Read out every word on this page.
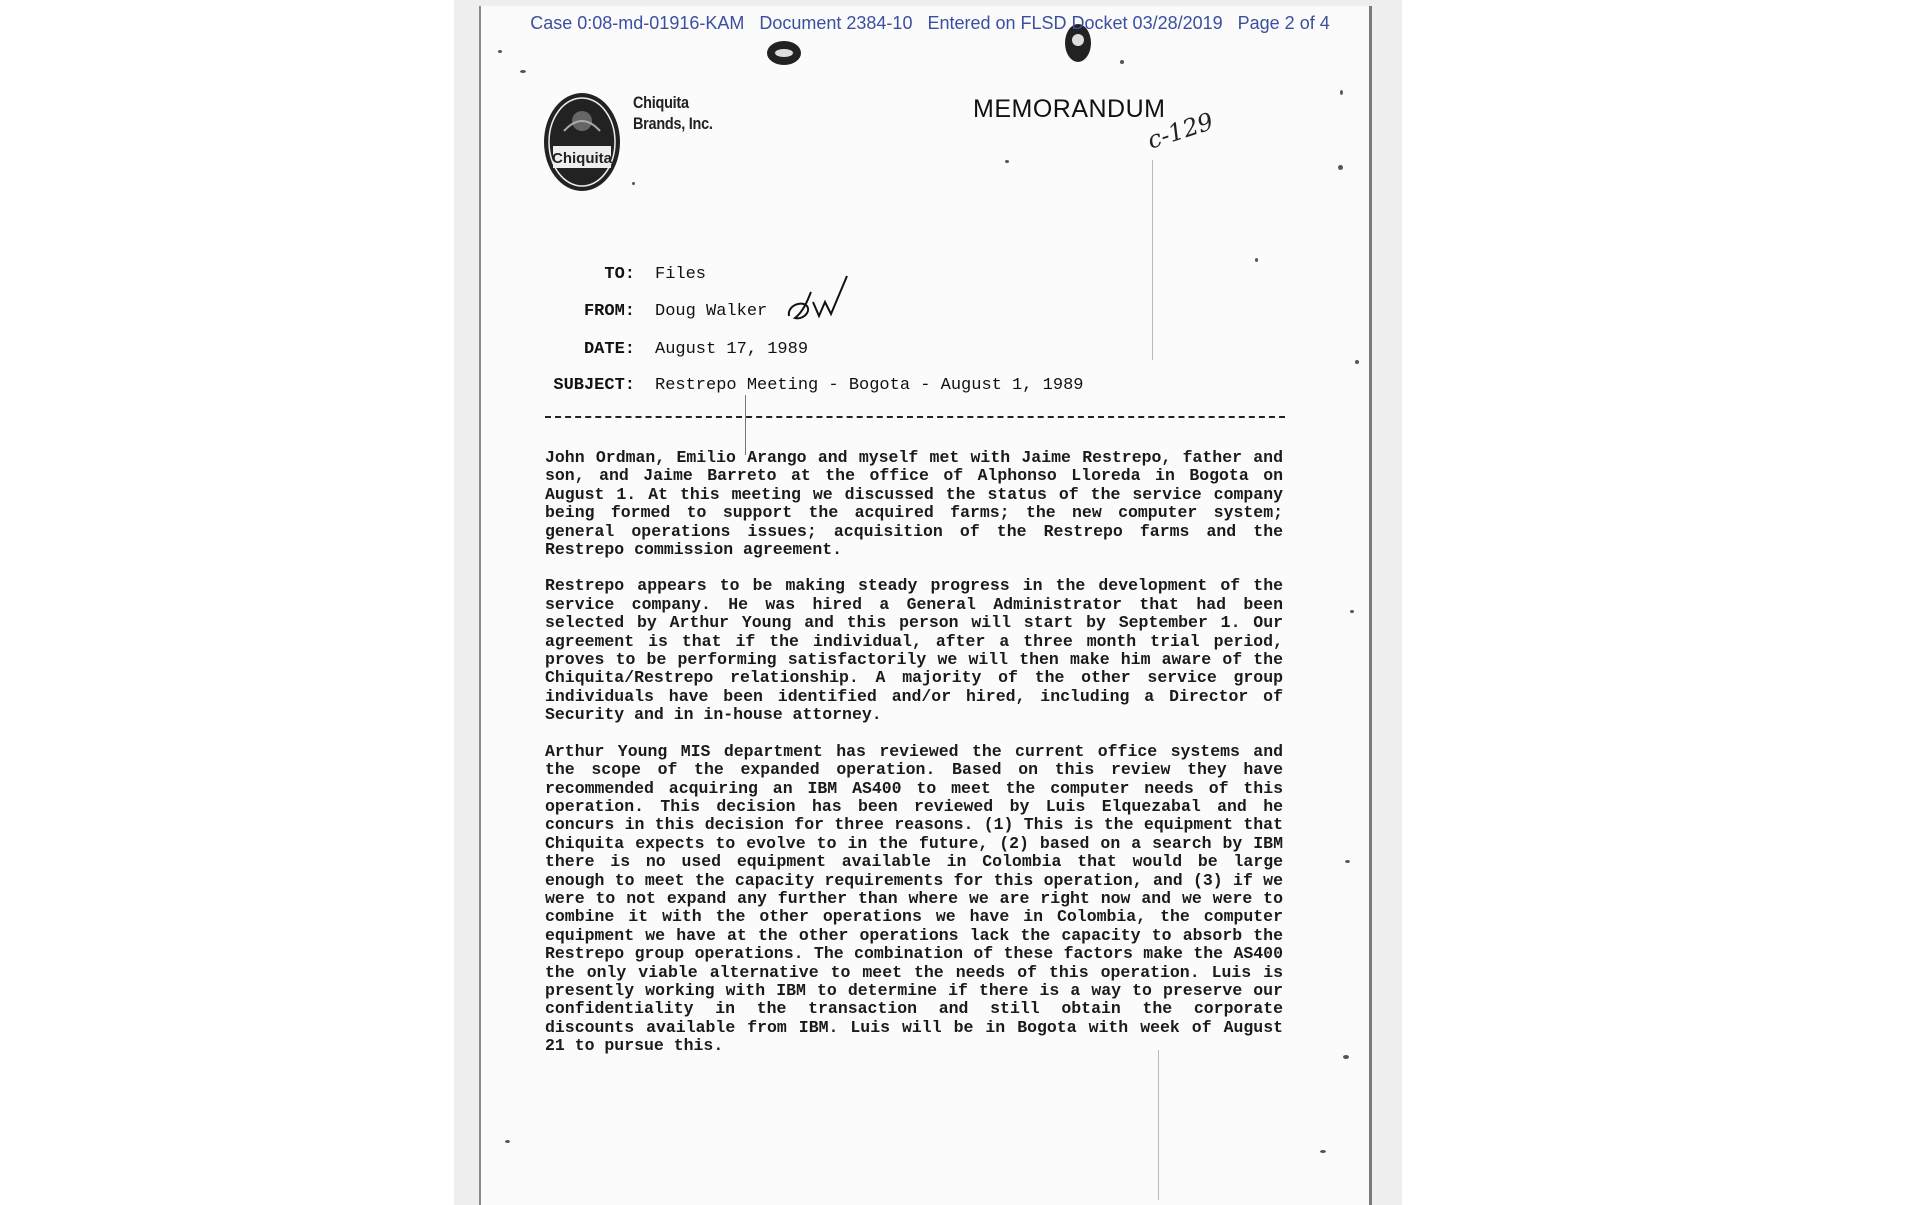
Case 0:08-md-01916-KAM   Document 2384-10   Entered on FLSD Docket 03/28/2019   Page 2 of 4
Chiquita
Chiquita
Brands, Inc.
MEMORANDUM
c-129
TO: Files
FROM: Doug Walker
DATE: August 17, 1989
SUBJECT: Restrepo Meeting - Bogota - August 1, 1989
DW

John Ordman, Emilio Arango and myself met with Jaime Restrepo, father and son, and Jaime Barreto at the office of Alphonso Lloreda in Bogota on August 1. At this meeting we discussed the status of the service company being formed to support the acquired farms; the new computer system; general operations issues; acquisition of the Restrepo farms and the Restrepo commission agreement.

Restrepo appears to be making steady progress in the development of the service company. He was hired a General Administrator that had been selected by Arthur Young and this person will start by September 1. Our agreement is that if the individual, after a three month trial period, proves to be performing satisfactorily we will then make him aware of the Chiquita/Restrepo relationship. A majority of the other service group individuals have been identified and/or hired, including a Director of Security and in in-house attorney.

Arthur Young MIS department has reviewed the current office systems and the scope of the expanded operation. Based on this review they have recommended acquiring an IBM AS400 to meet the computer needs of this operation. This decision has been reviewed by Luis Elquezabal and he concurs in this decision for three reasons. (1) This is the equipment that Chiquita expects to evolve to in the future, (2) based on a search by IBM there is no used equipment available in Colombia that would be large enough to meet the capacity requirements for this operation, and (3) if we were to not expand any further than where we are right now and we were to combine it with the other operations we have in Colombia, the computer equipment we have at the other operations lack the capacity to absorb the Restrepo group operations. The combination of these factors make the AS400 the only viable alternative to meet the needs of this operation. Luis is presently working with IBM to determine if there is a way to preserve our confidentiality in the transaction and still obtain the corporate discounts available from IBM. Luis will be in Bogota with week of August 21 to pursue this.
